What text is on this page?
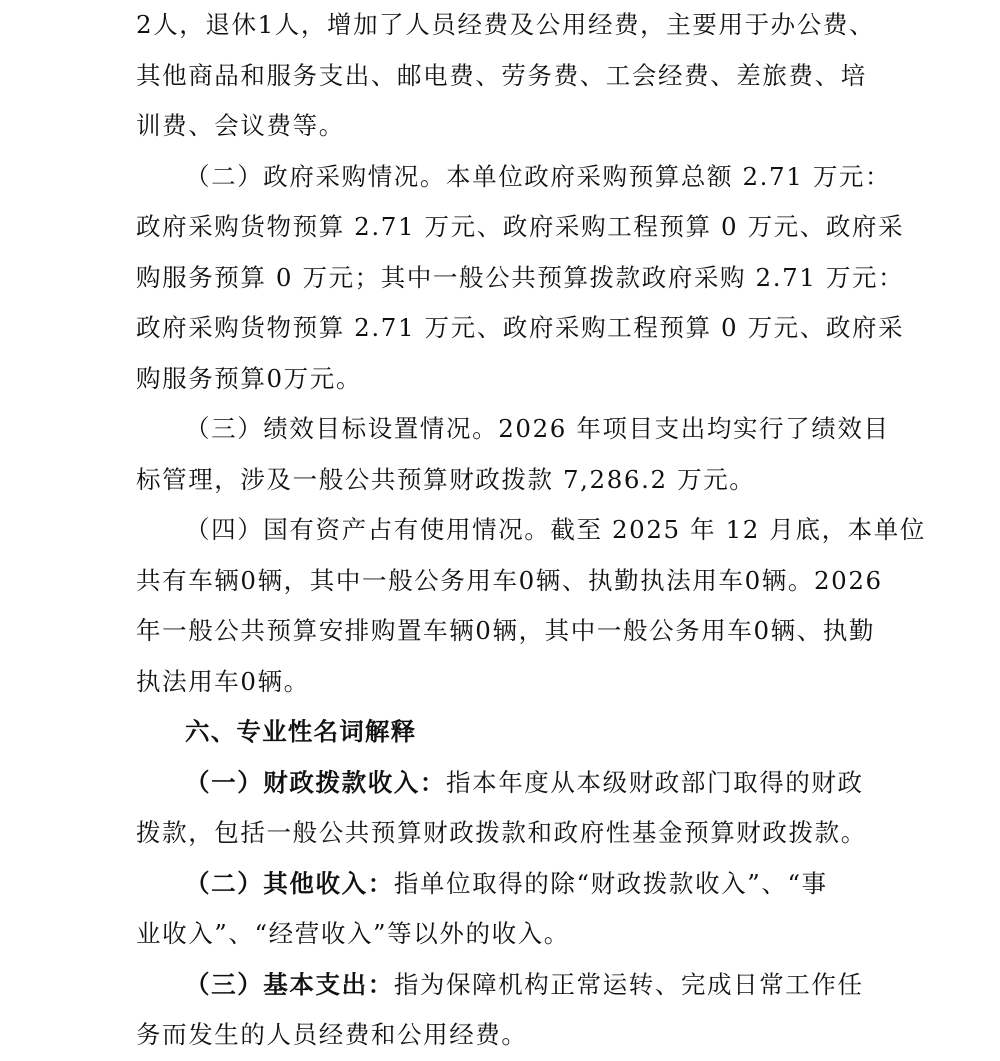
2人，退休1人，增加了人员经费及公用经费，主要用于办公费、
其他商品和服务支出、邮电费、劳务费、工会经费、差旅费、培
训费、会议费等。
（二）政府采购情况。本单位政府采购预算总额 2.71 万元：
政府采购货物预算 2.71 万元、政府采购工程预算 0 万元、政府采
购服务预算 0 万元；其中一般公共预算拨款政府采购 2.71 万元：
政府采购货物预算 2.71 万元、政府采购工程预算 0 万元、政府采
购服务预算0万元。
（三）绩效目标设置情况。2026 年项目支出均实行了绩效目
标管理，涉及一般公共预算财政拨款 7,286.2 万元。
（四）国有资产占有使用情况。截至 2025 年 12 月底，本单位
共有车辆0辆，其中一般公务用车0辆、执勤执法用车0辆。2026
年一般公共预算安排购置车辆0辆，其中一般公务用车0辆、执勤
执法用车0辆。
六、专业性名词解释
（一）财政拨款收入：指本年度从本级财政部门取得的财政
拨款，包括一般公共预算财政拨款和政府性基金预算财政拨款。
（二）其他收入：指单位取得的除“财政拨款收入”、“事
业收入”、“经营收入”等以外的收入。
（三）基本支出：指为保障机构正常运转、完成日常工作任
务而发生的人员经费和公用经费。
